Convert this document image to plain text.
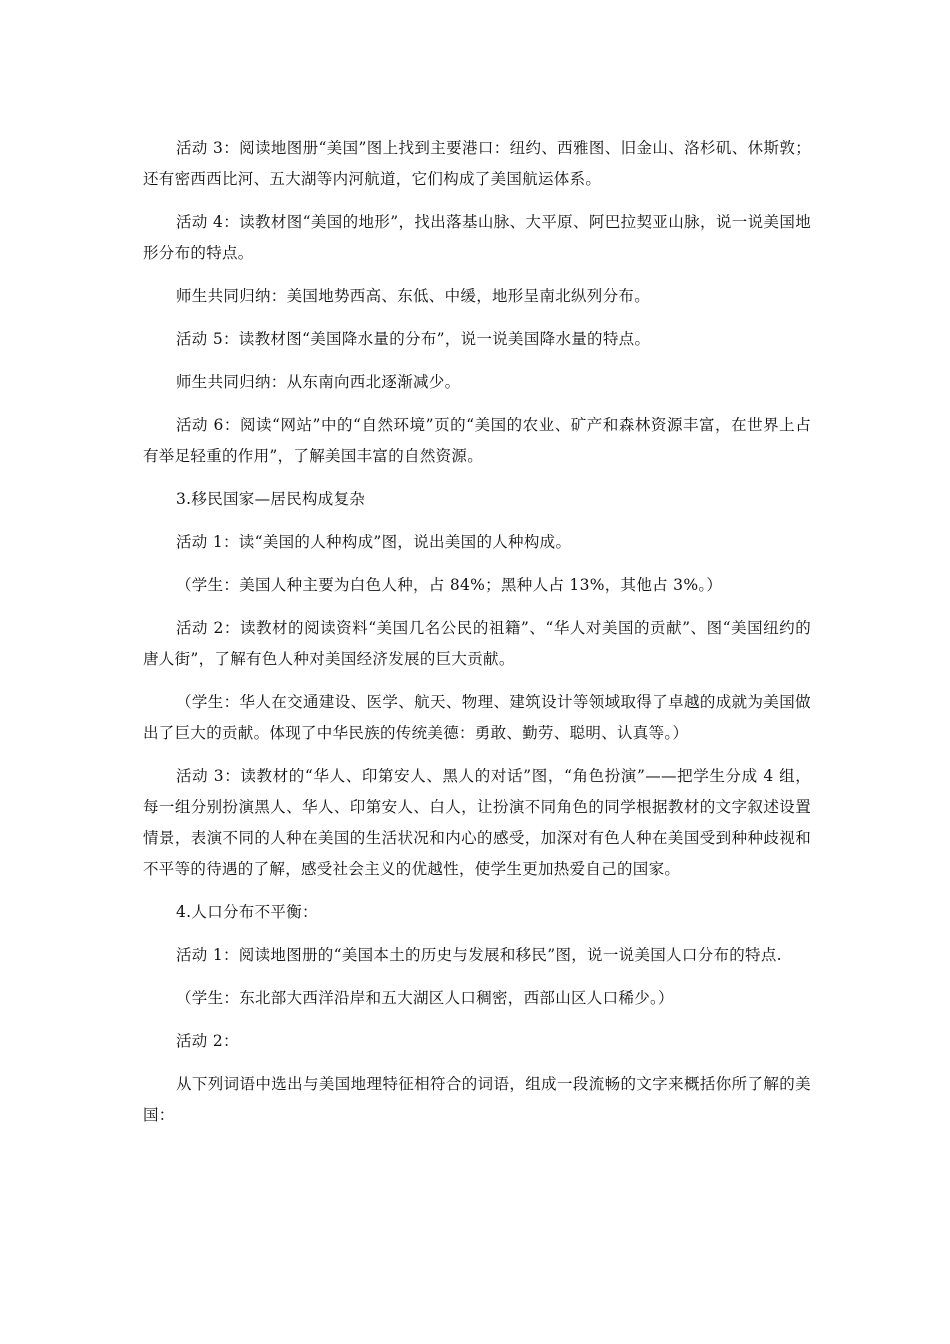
活动 3：阅读地图册“美国”图上找到主要港口：纽约、西雅图、旧金山、洛杉矶、休斯敦；还有密西西比河、五大湖等内河航道，它们构成了美国航运体系。

活动 4：读教材图“美国的地形”，找出落基山脉、大平原、阿巴拉契亚山脉，说一说美国地形分布的特点。

师生共同归纳：美国地势西高、东低、中缓，地形呈南北纵列分布。

活动 5：读教材图“美国降水量的分布”，说一说美国降水量的特点。

师生共同归纳：从东南向西北逐渐减少。

活动 6：阅读“网站”中的“自然环境”页的“美国的农业、矿产和森林资源丰富，在世界上占有举足轻重的作用”，了解美国丰富的自然资源。

3.移民国家—居民构成复杂

活动 1：读“美国的人种构成”图，说出美国的人种构成。

（学生：美国人种主要为白色人种，占 84%；黑种人占 13%，其他占 3%。）

活动 2：读教材的阅读资料“美国几名公民的祖籍”、“华人对美国的贡献”、图“美国纽约的唐人街”，了解有色人种对美国经济发展的巨大贡献。

（学生：华人在交通建设、医学、航天、物理、建筑设计等领域取得了卓越的成就为美国做出了巨大的贡献。体现了中华民族的传统美德：勇敢、勤劳、聪明、认真等。）

活动 3：读教材的“华人、印第安人、黑人的对话”图，“角色扮演”——把学生分成 4 组，每一组分别扮演黑人、华人、印第安人、白人，让扮演不同角色的同学根据教材的文字叙述设置情景，表演不同的人种在美国的生活状况和内心的感受，加深对有色人种在美国受到种种歧视和不平等的待遇的了解，感受社会主义的优越性，使学生更加热爱自己的国家。

4.人口分布不平衡：

活动 1：阅读地图册的“美国本土的历史与发展和移民”图，说一说美国人口分布的特点.

（学生：东北部大西洋沿岸和五大湖区人口稠密，西部山区人口稀少。）

活动 2：

从下列词语中选出与美国地理特征相符合的词语，组成一段流畅的文字来概括你所了解的美国：
